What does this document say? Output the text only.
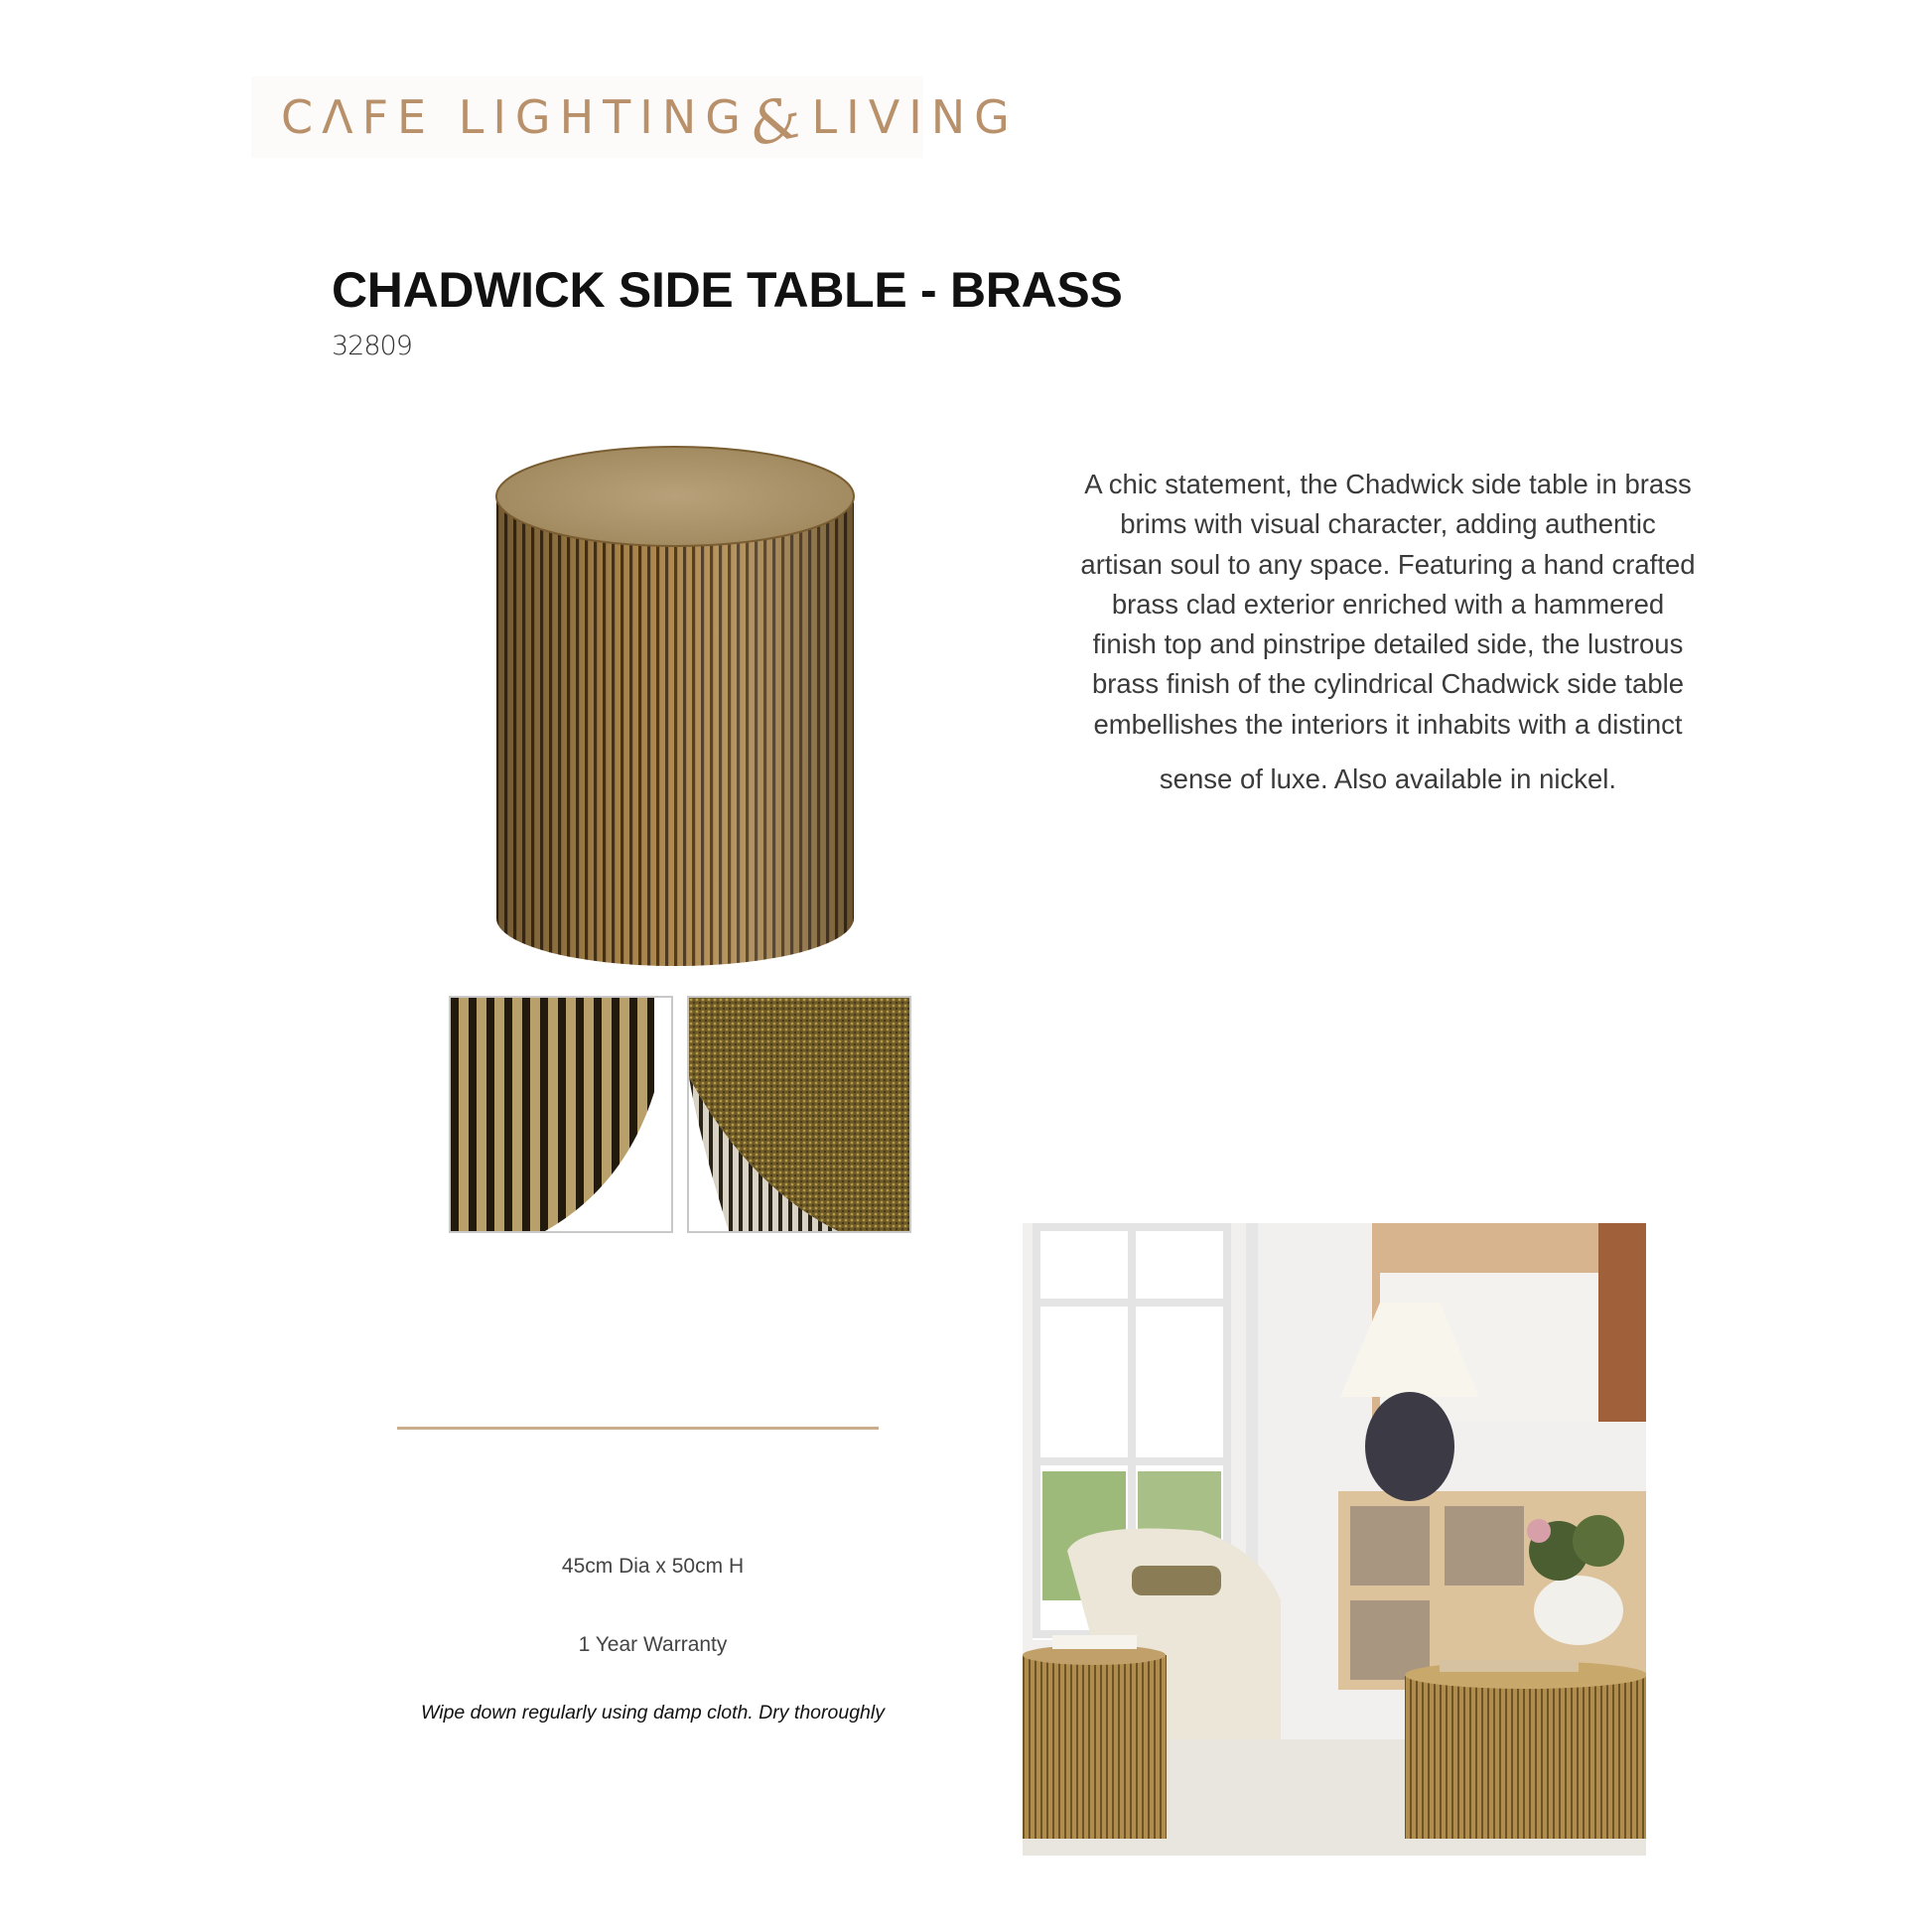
CΛFE LIGHTING
&
LIVING
CHADWICK SIDE TABLE - BRASS
32809
A chic statement, the Chadwick side table in brass
brims with visual character, adding authentic
artisan soul to any space. Featuring a hand crafted
brass clad exterior enriched with a hammered
finish top and pinstripe detailed side, the lustrous
brass finish of the cylindrical Chadwick side table
embellishes the interiors it inhabits with a distinct
sense of luxe. Also available in nickel.
45cm Dia x 50cm H
1 Year Warranty
Wipe down regularly using damp cloth. Dry thoroughly
